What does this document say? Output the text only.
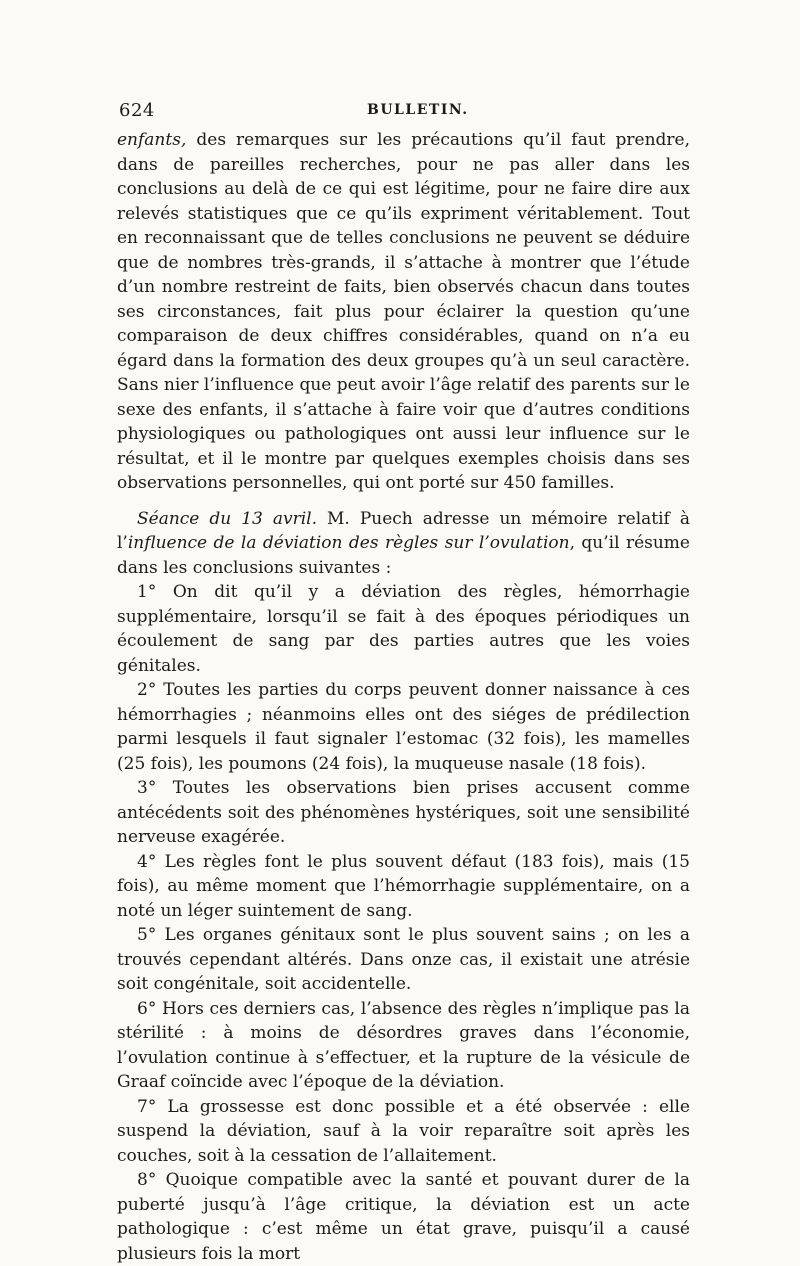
624	BULLETIN.

enfants, des remarques sur les précautions qu’il faut prendre, dans de pareilles recherches, pour ne pas aller dans les conclusions au delà de ce qui est légitime, pour ne faire dire aux relevés statistiques que ce qu’ils expriment véritablement. Tout en reconnaissant que de telles conclusions ne peuvent se déduire que de nombres très-grands, il s’attache à montrer que l’étude d’un nombre restreint de faits, bien observés chacun dans toutes ses circonstances, fait plus pour éclairer la question qu’une comparaison de deux chiffres considérables, quand on n’a eu égard dans la formation des deux groupes qu’à un seul caractère. Sans nier l’influence que peut avoir l’âge relatif des parents sur le sexe des enfants, il s’attache à faire voir que d’autres conditions physiologiques ou pathologiques ont aussi leur influence sur le résultat, et il le montre par quelques exemples choisis dans ses observations personnelles, qui ont porté sur 450 familles.

Séance du 13 avril. M. Puech adresse un mémoire relatif à l’influence de la déviation des règles sur l’ovulation, qu’il résume dans les conclusions suivantes :

1° On dit qu’il y a déviation des règles, hémorrhagie supplémentaire, lorsqu’il se fait à des époques périodiques un écoulement de sang par des parties autres que les voies génitales.

2° Toutes les parties du corps peuvent donner naissance à ces hémorrhagies ; néanmoins elles ont des siéges de prédilection parmi lesquels il faut signaler l’estomac (32 fois), les mamelles (25 fois), les poumons (24 fois), la muqueuse nasale (18 fois).

3° Toutes les observations bien prises accusent comme antécédents soit des phénomènes hystériques, soit une sensibilité nerveuse exagérée.

4° Les règles font le plus souvent défaut (183 fois), mais (15 fois), au même moment que l’hémorrhagie supplémentaire, on a noté un léger suintement de sang.

5° Les organes génitaux sont le plus souvent sains ; on les a trouvés cependant altérés. Dans onze cas, il existait une atrésie soit congénitale, soit accidentelle.

6° Hors ces derniers cas, l’absence des règles n’implique pas la stérilité : à moins de désordres graves dans l’économie, l’ovulation continue à s’effectuer, et la rupture de la vésicule de Graaf coïncide avec l’époque de la déviation.

7° La grossesse est donc possible et a été observée : elle suspend la déviation, sauf à la voir reparaître soit après les couches, soit à la cessation de l’allaitement.

8° Quoique compatible avec la santé et pouvant durer de la puberté jusqu’à l’âge critique, la déviation est un acte pathologique : c’est même un état grave, puisqu’il a causé plusieurs fois la mort
